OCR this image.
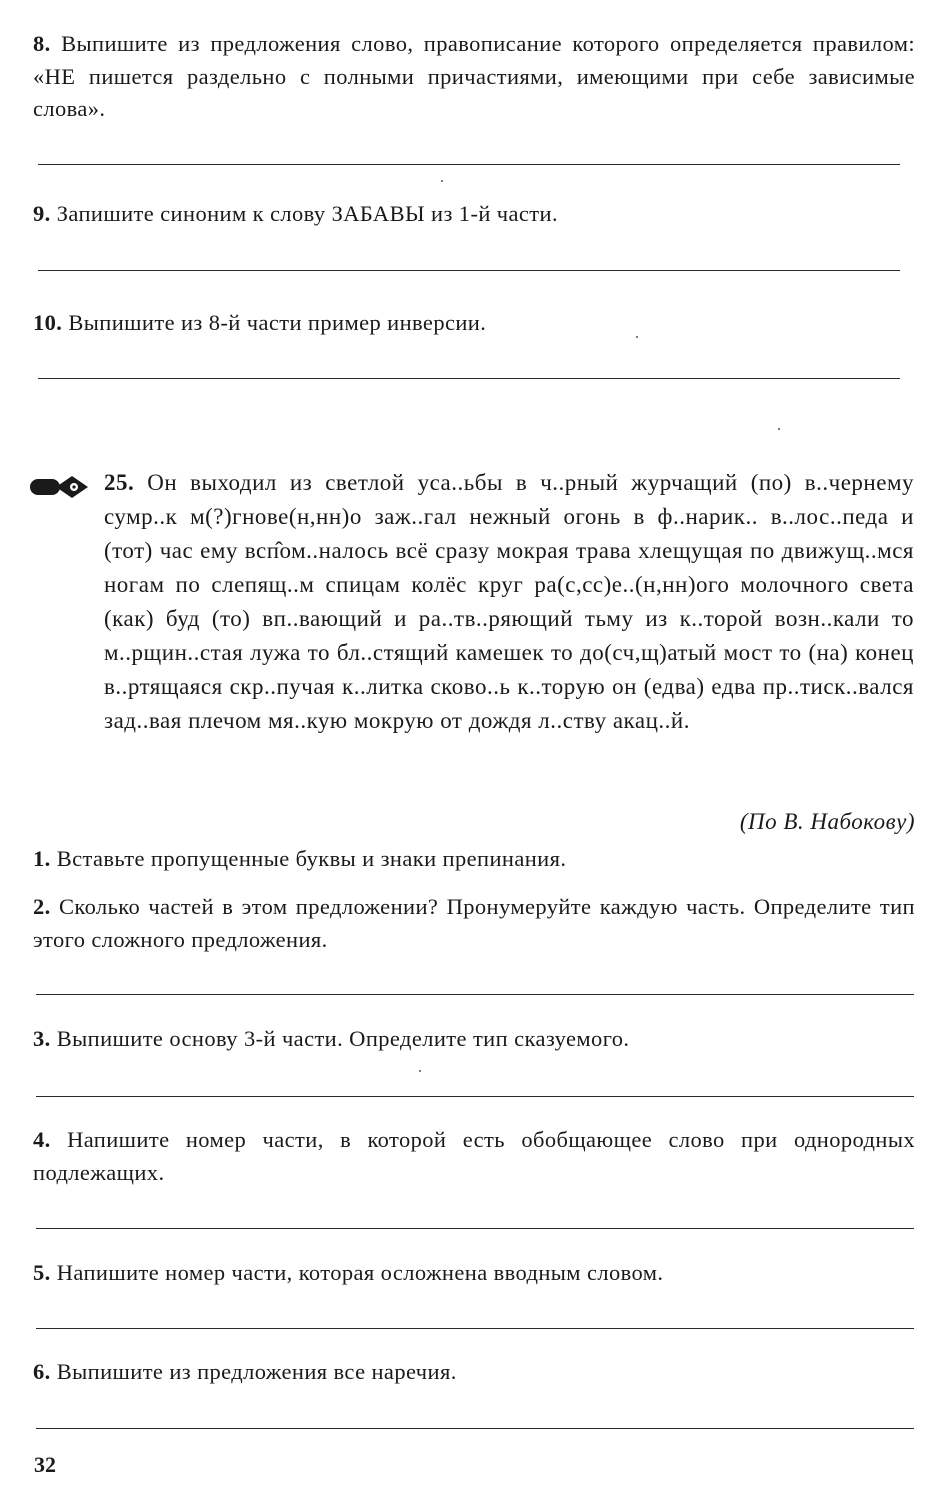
8. Выпишите из предложения слово, правописание которого определяется правилом: «НЕ пишется раздельно с полными причастиями, имеющими при себе зависимые слова».

9. Запишите синоним к слову ЗАБАВЫ из 1-й части.

10. Выпишите из 8-й части пример инверсии.

25. Он выходил из светлой уса..ьбы в ч..рный журчащий (по) в..чернему сумр..к м(?)гнове(н,нн)о заж..гал нежный огонь в ф..нарик.. в..лос..педа и (тот) час ему всп̂ом..налось всё сразу мокрая трава хлещущая по движущ..мся ногам по слепящ..м спицам колёс круг ра(с,сс)е..(н,нн)ого молочного света (как) буд (то) вп..вающий и ра..тв..ряющий тьму из к..торой возн..кали то м..рщин..стая лужа то бл..стящий камешек то до(сч,щ)атый мост то (на) конец в..ртящаяся скр..пучая к..литка сково..ь к..торую он (едва) едва пр..тиск..вался зад..вая плечом мя..кую мокрую от дождя л..ству акац..й.

(По В. Набокову)

1. Вставьте пропущенные буквы и знаки препинания.

2. Сколько частей в этом предложении? Пронумеруйте каждую часть. Определите тип этого сложного предложения.

3. Выпишите основу 3-й части. Определите тип сказуемого.

4. Напишите номер части, в которой есть обобщающее слово при однородных подлежащих.

5. Напишите номер части, которая осложнена вводным словом.

6. Выпишите из предложения все наречия.

32
